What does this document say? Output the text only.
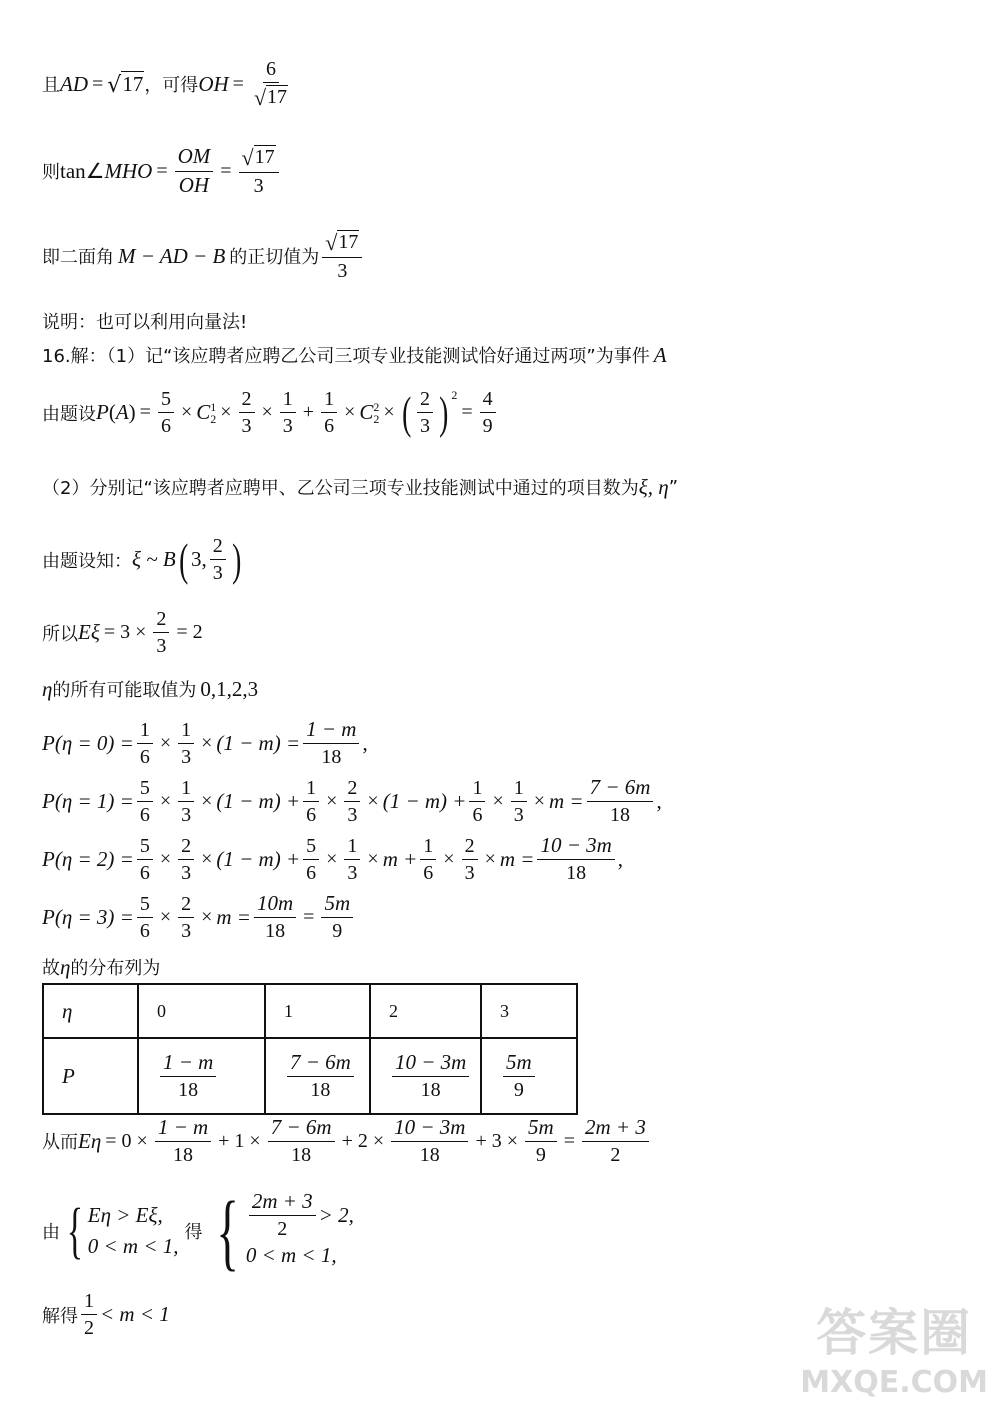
且 AD = √ 17 ，可得 OH = $\frac{6}{√ 17}$
则 tan∠ MHO = $\frac{OM}{OH} = \frac{√ 17}{3}$
即二面角 M − AD − B 的正切值为 $\frac{√ 17}{3}$
说明：也可以利用向量法!
16.解：（1）记“该应聘者应聘乙公司三项专业技能测试恰好通过两项”为事件 A
由题设 P ( A ) = $\frac{5}{6} \times C$ 1
$2 \times \frac{2}{3} \times \frac{1}{3} + \frac{1}{6} \times C$ 2
2 × ( $\frac{2}{3}$ ) $^2$
= $\frac{4}{9}$
（2）分别记“该应聘者应聘甲、乙公司三项专业技能测试中通过的项目数为 ξ, η ”
由题设知： ξ ~ B ( 3, $\frac{2}{3}$ )
所以 $E\xi = 3 \times \frac{2}{3} = 2$
η 的所有可能取值为 0,1,2,3
$P(\eta = 0) = \frac{1}{6} \times \frac{1}{3} \times (1 - m) = \frac{1 - m}{18}$ ,
$P(\eta = 1) = \frac{5}{6} \times \frac{1}{3} \times (1 - m) + \frac{1}{6} \times \frac{2}{3} \times (1 - m) + \frac{1}{6} \times \frac{1}{3} \times m = \frac{7 - 6m}{18}$ ,
$P(\eta = 2) = \frac{5}{6} \times \frac{2}{3} \times (1 - m) + \frac{5}{6} \times \frac{1}{3} \times m + \frac{1}{6} \times \frac{2}{3} \times m = \frac{10 - 3m}{18}$ ,
$P(\eta = 3) = \frac{5}{6} \times \frac{2}{3} \times m = \frac{10m}{18} = \frac{5m}{9}$
故 η 的分布列为
η	0	1	2	3
P	$\frac{1 - m}{18}$	$\frac{7 - 6m}{18}$	$\frac{10 - 3m}{18}$	$\frac{5m}{9}$
从而 $E\eta = 0 \times \frac{1 - m}{18} + 1 \times \frac{7 - 6m}{18} + 2 \times \frac{10 - 3m}{18} + 3 \times \frac{5m}{9} = \frac{2m + 3}{2}$
由 { Eη > Eξ,
0 < m < 1,
得 { $\frac{2m + 3}{2} > 2$,
0 < m < 1,
解得 $\frac{1}{2} < m < 1$	答案圈
MXQE.COM
